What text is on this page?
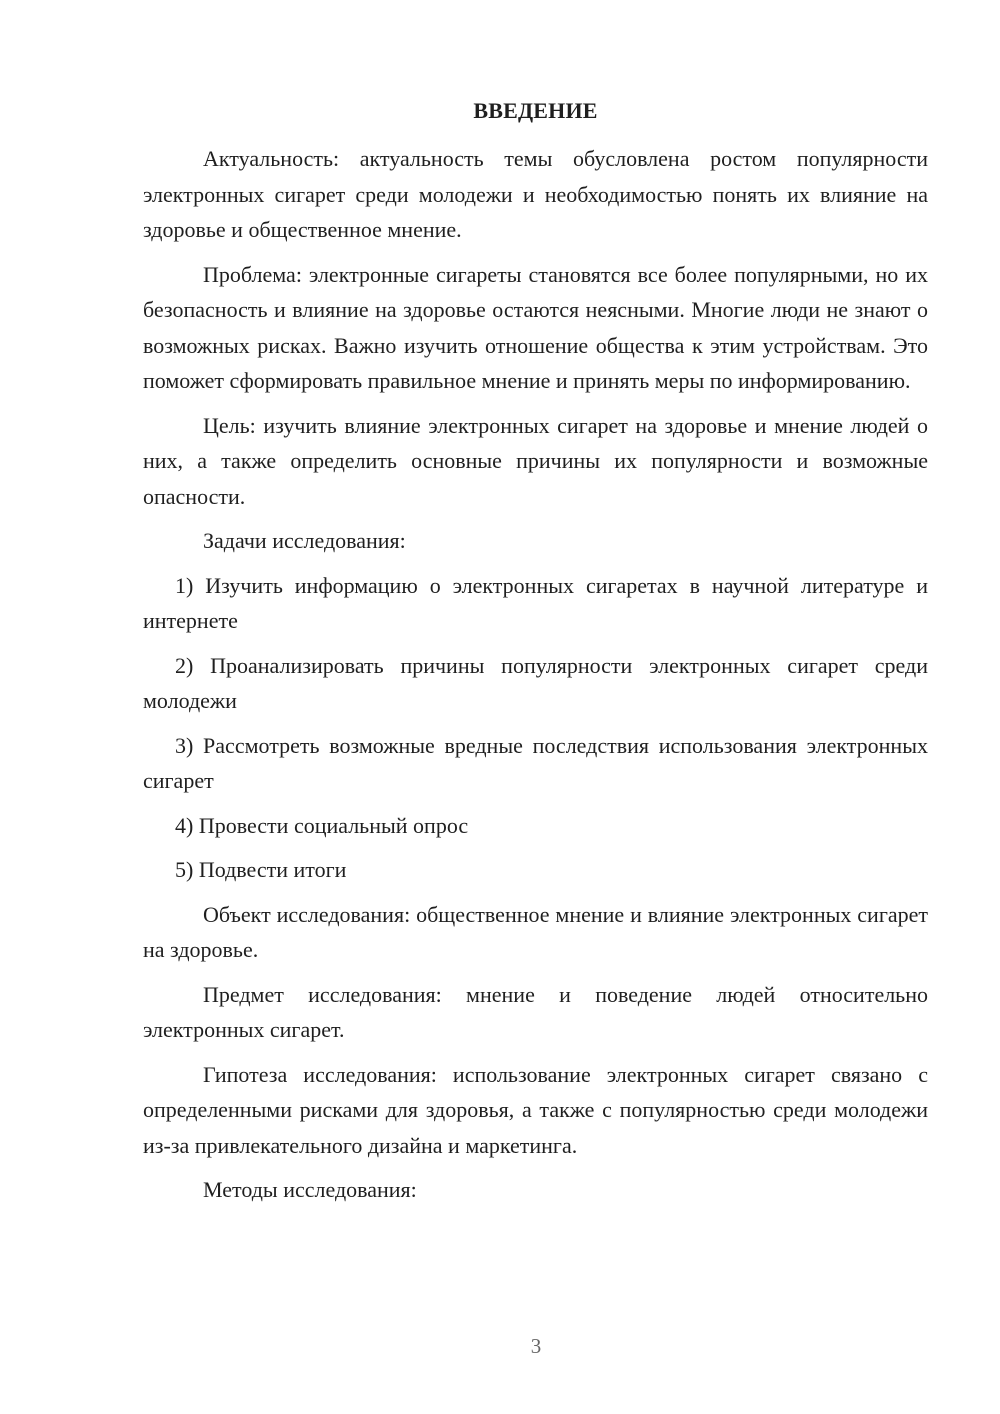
ВВЕДЕНИЕ

Актуальность: актуальность темы обусловлена ростом популярности электронных сигарет среди молодежи и необходимостью понять их влияние на здоровье и общественное мнение.

Проблема: электронные сигареты становятся все более популярными, но их безопасность и влияние на здоровье остаются неясными. Многие люди не знают о возможных рисках. Важно изучить отношение общества к этим устройствам. Это поможет сформировать правильное мнение и принять меры по информированию.

Цель: изучить влияние электронных сигарет на здоровье и мнение людей о них, а также определить основные причины их популярности и возможные опасности.

Задачи исследования:

1) Изучить информацию о электронных сигаретах в научной литературе и интернете

2) Проанализировать причины популярности электронных сигарет среди молодежи

3) Рассмотреть возможные вредные последствия использования электронных сигарет

4) Провести социальный опрос

5) Подвести итоги

Объект исследования: общественное мнение и влияние электронных сигарет на здоровье.

Предмет исследования: мнение и поведение людей относительно электронных сигарет.

Гипотеза исследования: использование электронных сигарет связано с определенными рисками для здоровья, а также с популярностью среди молодежи из-за привлекательного дизайна и маркетинга.

Методы исследования:

3
